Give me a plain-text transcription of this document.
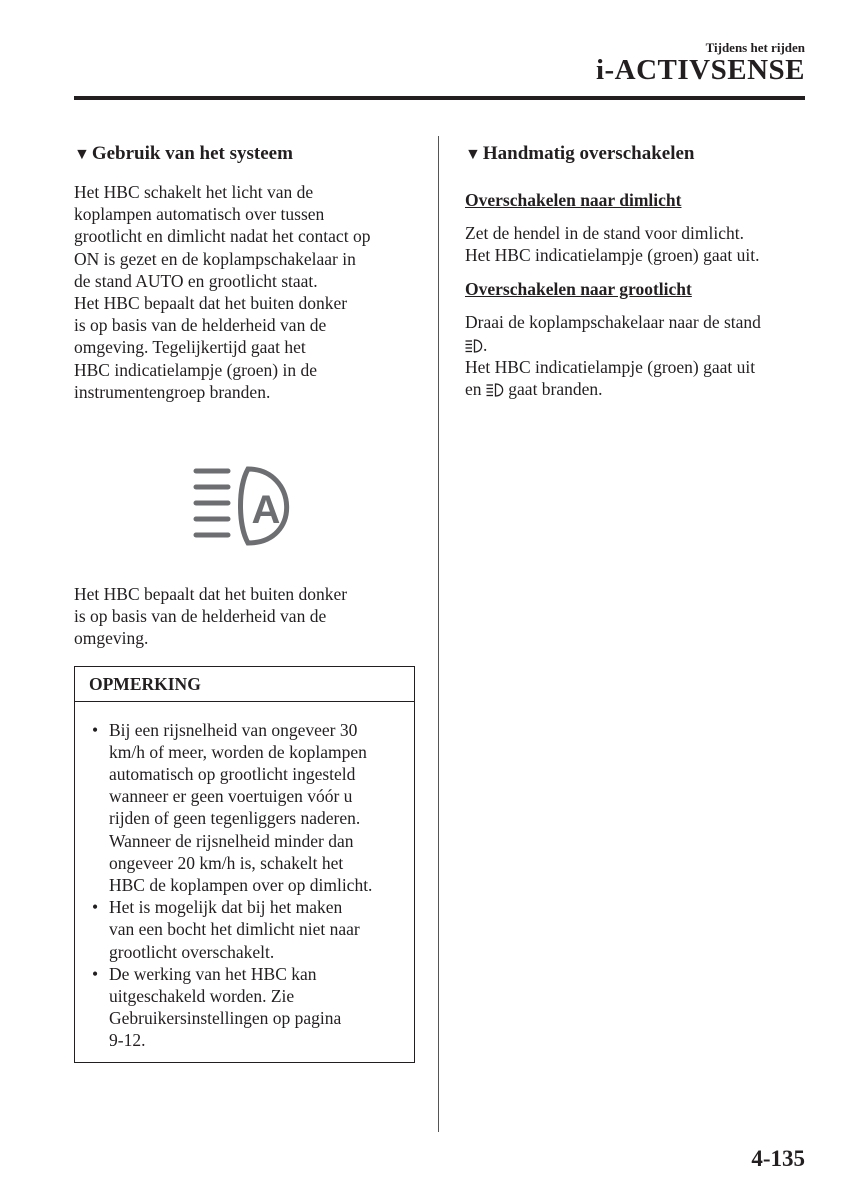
Tijdens het rijden
i-ACTIVSENSE
▼ Gebruik van het systeem

Het HBC schakelt het licht van de
koplampen automatisch over tussen
grootlicht en dimlicht nadat het contact op
ON is gezet en de koplampschakelaar in
de stand AUTO en grootlicht staat.
Het HBC bepaalt dat het buiten donker
is op basis van de helderheid van de
omgeving. Tegelijkertijd gaat het
HBC indicatielampje (groen) in de
instrumentengroep branden.

A

Het HBC bepaalt dat het buiten donker
is op basis van de helderheid van de
omgeving.

OPMERKING
• Bij een rijsnelheid van ongeveer 30
km/h of meer, worden de koplampen
automatisch op grootlicht ingesteld
wanneer er geen voertuigen vóór u
rijden of geen tegenliggers naderen.
Wanneer de rijsnelheid minder dan
ongeveer 20 km/h is, schakelt het
HBC de koplampen over op dimlicht.
• Het is mogelijk dat bij het maken
van een bocht het dimlicht niet naar
grootlicht overschakelt.
• De werking van het HBC kan
uitgeschakeld worden. Zie
Gebruikersinstellingen op pagina
9-12.
▼ Handmatig overschakelen
Overschakelen naar dimlicht

Zet de hendel in de stand voor dimlicht.
Het HBC indicatielampje (groen) gaat uit.

Overschakelen naar grootlicht

Draai de koplampschakelaar naar de stand
.
Het HBC indicatielampje (groen) gaat uit
en gaat branden.

4-135
